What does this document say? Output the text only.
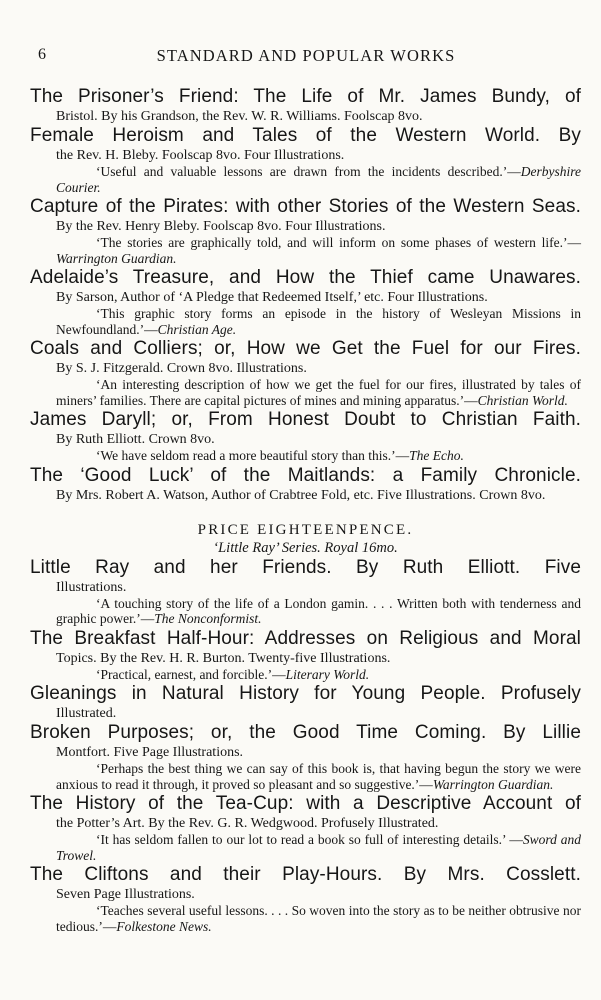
6	STANDARD AND POPULAR WORKS
The Prisoner’s Friend: The Life of Mr. James Bundy, of
Bristol. By his Grandson, the Rev. W. R. Williams. Foolscap 8vo.
Female Heroism and Tales of the Western World. By
the Rev. H. Bleby. Foolscap 8vo. Four Illustrations.
‘Useful and valuable lessons are drawn from the incidents described.’—Derbyshire Courier.
Capture of the Pirates: with other Stories of the Western Seas.
By the Rev. Henry Bleby. Foolscap 8vo. Four Illustrations.
‘The stories are graphically told, and will inform on some phases of western life.’—Warrington Guardian.
Adelaide’s Treasure, and How the Thief came Unawares.
By Sarson, Author of ‘A Pledge that Redeemed Itself,’ etc. Four Illustrations.
‘This graphic story forms an episode in the history of Wesleyan Missions in Newfoundland.’—Christian Age.
Coals and Colliers; or, How we Get the Fuel for our Fires.
By S. J. Fitzgerald. Crown 8vo. Illustrations.
‘An interesting description of how we get the fuel for our fires, illustrated by tales of miners’ families. There are capital pictures of mines and mining apparatus.’—Christian World.
James Daryll; or, From Honest Doubt to Christian Faith.
By Ruth Elliott. Crown 8vo.
‘We have seldom read a more beautiful story than this.’—The Echo.
The ‘Good Luck’ of the Maitlands: a Family Chronicle.
By Mrs. Robert A. Watson, Author of Crabtree Fold, etc. Five Illustrations. Crown 8vo.
PRICE EIGHTEENPENCE.
‘Little Ray’ Series. Royal 16mo.
Little Ray and her Friends. By Ruth Elliott. Five
Illustrations.
‘A touching story of the life of a London gamin. . . . Written both with tenderness and graphic power.’—The Nonconformist.
The Breakfast Half-Hour: Addresses on Religious and Moral
Topics. By the Rev. H. R. Burton. Twenty-five Illustrations.
‘Practical, earnest, and forcible.’—Literary World.
Gleanings in Natural History for Young People. Profusely
Illustrated.
Broken Purposes; or, the Good Time Coming. By Lillie
Montfort. Five Page Illustrations.
‘Perhaps the best thing we can say of this book is, that having begun the story we were anxious to read it through, it proved so pleasant and so suggestive.’—Warrington Guardian.
The History of the Tea-Cup: with a Descriptive Account of
the Potter’s Art. By the Rev. G. R. Wedgwood. Profusely Illustrated.
‘It has seldom fallen to our lot to read a book so full of interesting details.’ —Sword and Trowel.
The Cliftons and their Play-Hours. By Mrs. Cosslett.
Seven Page Illustrations.
‘Teaches several useful lessons. . . . So woven into the story as to be neither obtrusive nor tedious.’—Folkestone News.
